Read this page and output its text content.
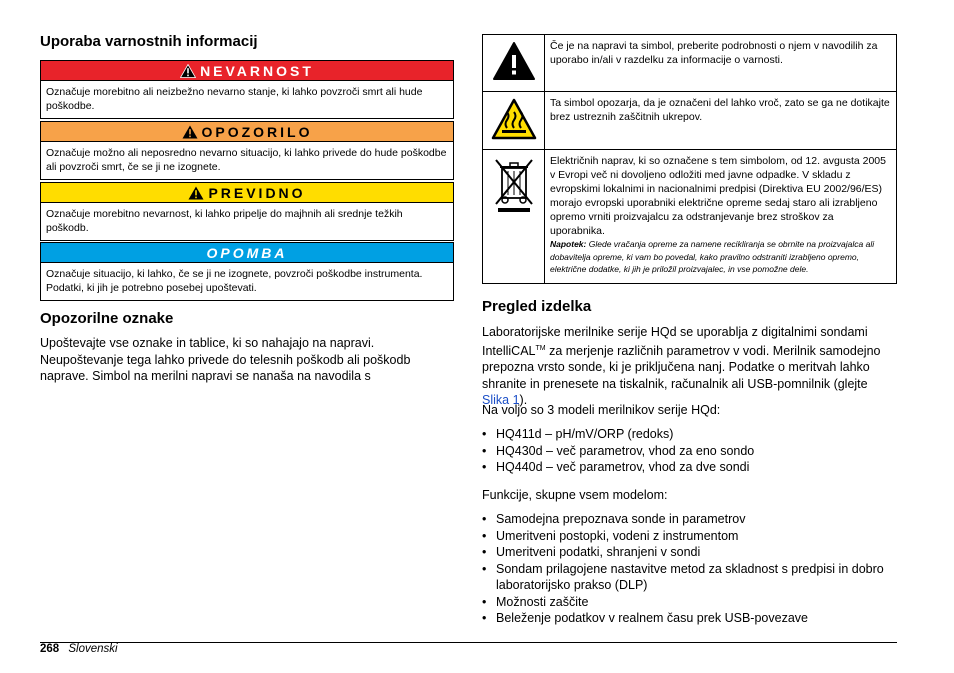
Uporaba varnostnih informacij
NEVARNOST
Označuje morebitno ali neizbežno nevarno stanje, ki lahko povzroči smrt ali hude poškodbe.
OPOZORILO
Označuje možno ali neposredno nevarno situacijo, ki lahko privede do hude poškodbe ali povzroči smrt, če se ji ne izognete.
PREVIDNO
Označuje morebitno nevarnost, ki lahko pripelje do majhnih ali srednje težkih poškodb.
OPOMBA
Označuje situacijo, ki lahko, če se ji ne izognete, povzroči poškodbe instrumenta. Podatki, ki jih je potrebno posebej upoštevati.
Opozorilne oznake
Upoštevajte vse oznake in tablice, ki so nahajajo na napravi. Neupoštevanje tega lahko privede do telesnih poškodb ali poškodb naprave. Simbol na merilni napravi se nanaša na navodila s
	Če je na napravi ta simbol, preberite podrobnosti o njem v navodilih za uporabo in/ali v razdelku za informacije o varnosti.
	Ta simbol opozarja, da je označeni del lahko vroč, zato se ga ne dotikajte brez ustreznih zaščitnih ukrepov.
	Električnih naprav, ki so označene s tem simbolom, od 12. avgusta 2005 v Evropi več ni dovoljeno odložiti med javne odpadke. V skladu z evropskimi lokalnimi in nacionalnimi predpisi (Direktiva EU 2002/96/ES) morajo evropski uporabniki električne opreme sedaj staro ali izrabljeno opremo vrniti proizvajalcu za odstranjevanje brez stroškov za uporabnika.
Napotek: Glede vračanja opreme za namene recikliranja se obrnite na proizvajalca ali dobavitelja opreme, ki vam bo povedal, kako pravilno odstraniti izrabljeno opremo, električne dodatke, ki jih je priložil proizvajalec, in vse pomožne dele.
Pregled izdelka
Laboratorijske merilnike serije HQd se uporablja z digitalnimi sondami IntelliCAL™ za merjenje različnih parametrov v vodi. Merilnik samodejno prepozna vrsto sonde, ki je priključena nanj. Podatke o meritvah lahko shranite in prenesete na tiskalnik, računalnik ali USB-pomnilnik (glejte Slika 1).
Na voljo so 3 modeli merilnikov serije HQd:
• HQ411d – pH/mV/ORP (redoks)
• HQ430d – več parametrov, vhod za eno sondo
• HQ440d – več parametrov, vhod za dve sondi
Funkcije, skupne vsem modelom:
• Samodejna prepoznava sonde in parametrov
• Umeritveni postopki, vodeni z instrumentom
• Umeritveni podatki, shranjeni v sondi
• Sondam prilagojene nastavitve metod za skladnost s predpisi in dobro laboratorijsko prakso (DLP)
• Možnosti zaščite
• Beleženje podatkov v realnem času prek USB-povezave
268 Slovenski
